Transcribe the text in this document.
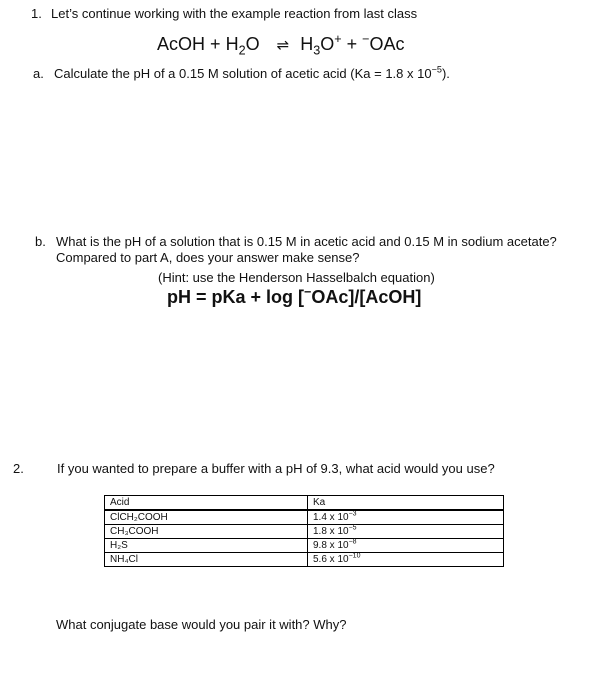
1. Let’s continue working with the example reaction from last class
AcOH + $H_2O$ ⇌ $H_3O^+ + ^-OAc$
a. Calculate the pH of a 0.15 M solution of acetic acid (Ka = 1.8 x $10^{-5}$).
b. What is the pH of a solution that is 0.15 M in acetic acid and 0.15 M in sodium acetate?
Compared to part A, does your answer make sense?
(Hint: use the Henderson Hasselbalch equation)
pH = pKa + log [−OAc]/[AcOH]
2.	If you wanted to prepare a buffer with a pH of 9.3, what acid would you use?
Acid	Ka
ClCH₂COOH	1.4 x $10^{-3}$
CH₃COOH	1.8 x $10^{-5}$
H₂S	9.8 x $10^{-8}$
NH₄Cl	5.6 x $10^{-10}$
What conjugate base would you pair it with? Why?
